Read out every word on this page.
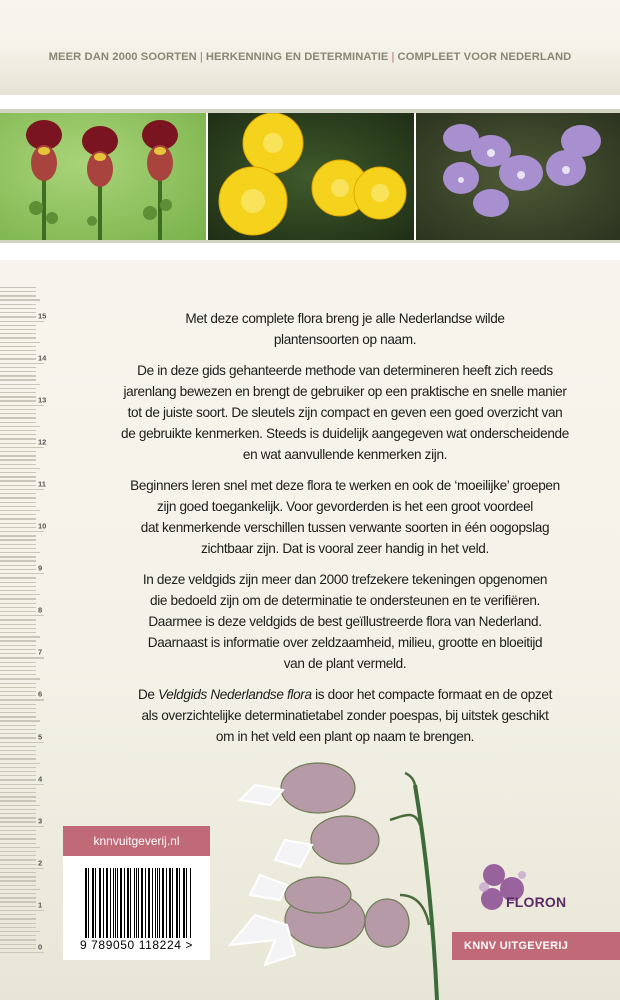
MEER DAN 2000 SOORTEN | HERKENNING EN DETERMINATIE | COMPLEET VOOR NEDERLAND
0
1
2
3
4
5
6
7
8
9
10
11
12
13
14
15	Met deze complete flora breng je alle Nederlandse wilde
plantensoorten op naam.

De in deze gids gehanteerde methode van determineren heeft zich reeds
jarenlang bewezen en brengt de gebruiker op een praktische en snelle manier
tot de juiste soort. De sleutels zijn compact en geven een goed overzicht van
de gebruikte kenmerken. Steeds is duidelijk aangegeven wat onderscheidende
en wat aanvullende kenmerken zijn.

Beginners leren snel met deze flora te werken en ook de ‘moeilijke’ groepen
zijn goed toegankelijk. Voor gevorderden is het een groot voordeel
dat kenmerkende verschillen tussen verwante soorten in één oogopslag
zichtbaar zijn. Dat is vooral zeer handig in het veld.

In deze veldgids zijn meer dan 2000 trefzekere tekeningen opgenomen
die bedoeld zijn om de determinatie te ondersteunen en te verifiëren.
Daarmee is deze veldgids de best geïllustreerde flora van Nederland.
Daarnaast is informatie over zeldzaamheid, milieu, grootte en bloeitijd
van de plant vermeld.

De Veldgids Nederlandse flora is door het compacte formaat en de opzet
als overzichtelijke determinatietabel zonder poespas, bij uitstek geschikt
om in het veld een plant op naam te brengen.

knnvuitgeverij.nl
9 789050 118224 >
FLORON
KNNV UITGEVERIJ
